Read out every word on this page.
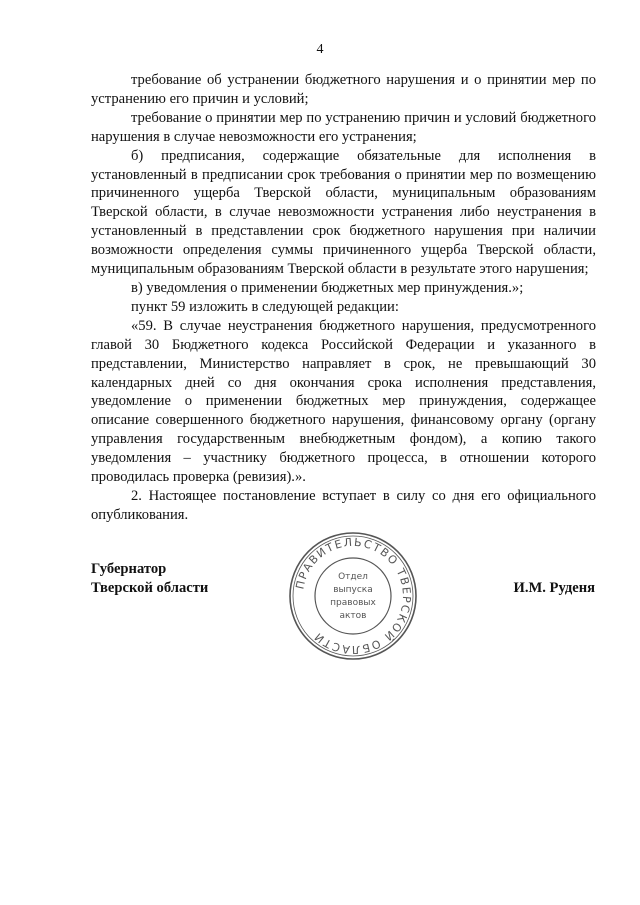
4

требование об устранении бюджетного нарушения и о принятии мер по устранению его причин и условий;

требование о принятии мер по устранению причин и условий бюджетного нарушения в случае невозможности его устранения;

б) предписания, содержащие обязательные для исполнения в установленный в предписании срок требования о принятии мер по возмещению причиненного ущерба Тверской области, муниципальным образованиям Тверской области, в случае невозможности устранения либо неустранения в установленный в представлении срок бюджетного нарушения при наличии возможности определения суммы причиненного ущерба Тверской области, муниципальным образованиям Тверской области в результате этого нарушения;

в) уведомления о применении бюджетных мер принуждения.»;

пункт 59 изложить в следующей редакции:

«59. В случае неустранения бюджетного нарушения, предусмотренного главой 30 Бюджетного кодекса Российской Федерации и указанного в представлении, Министерство направляет в срок, не превышающий 30 календарных дней со дня окончания срока исполнения представления, уведомление о применении бюджетных мер принуждения, содержащее описание совершенного бюджетного нарушения, финансовому органу (органу управления государственным внебюджетным фондом), а копию такого уведомления – участнику бюджетного процесса, в отношении которого проводилась проверка (ревизия).».

2. Настоящее постановление вступает в силу со дня его официального опубликования.

Губернатор
Тверской области	И.М. Руденя
ПРАВИТЕЛЬСТВО ТВЕРСКОЙ ОБЛАСТИ
Отдел
выпуска
правовых
актов
